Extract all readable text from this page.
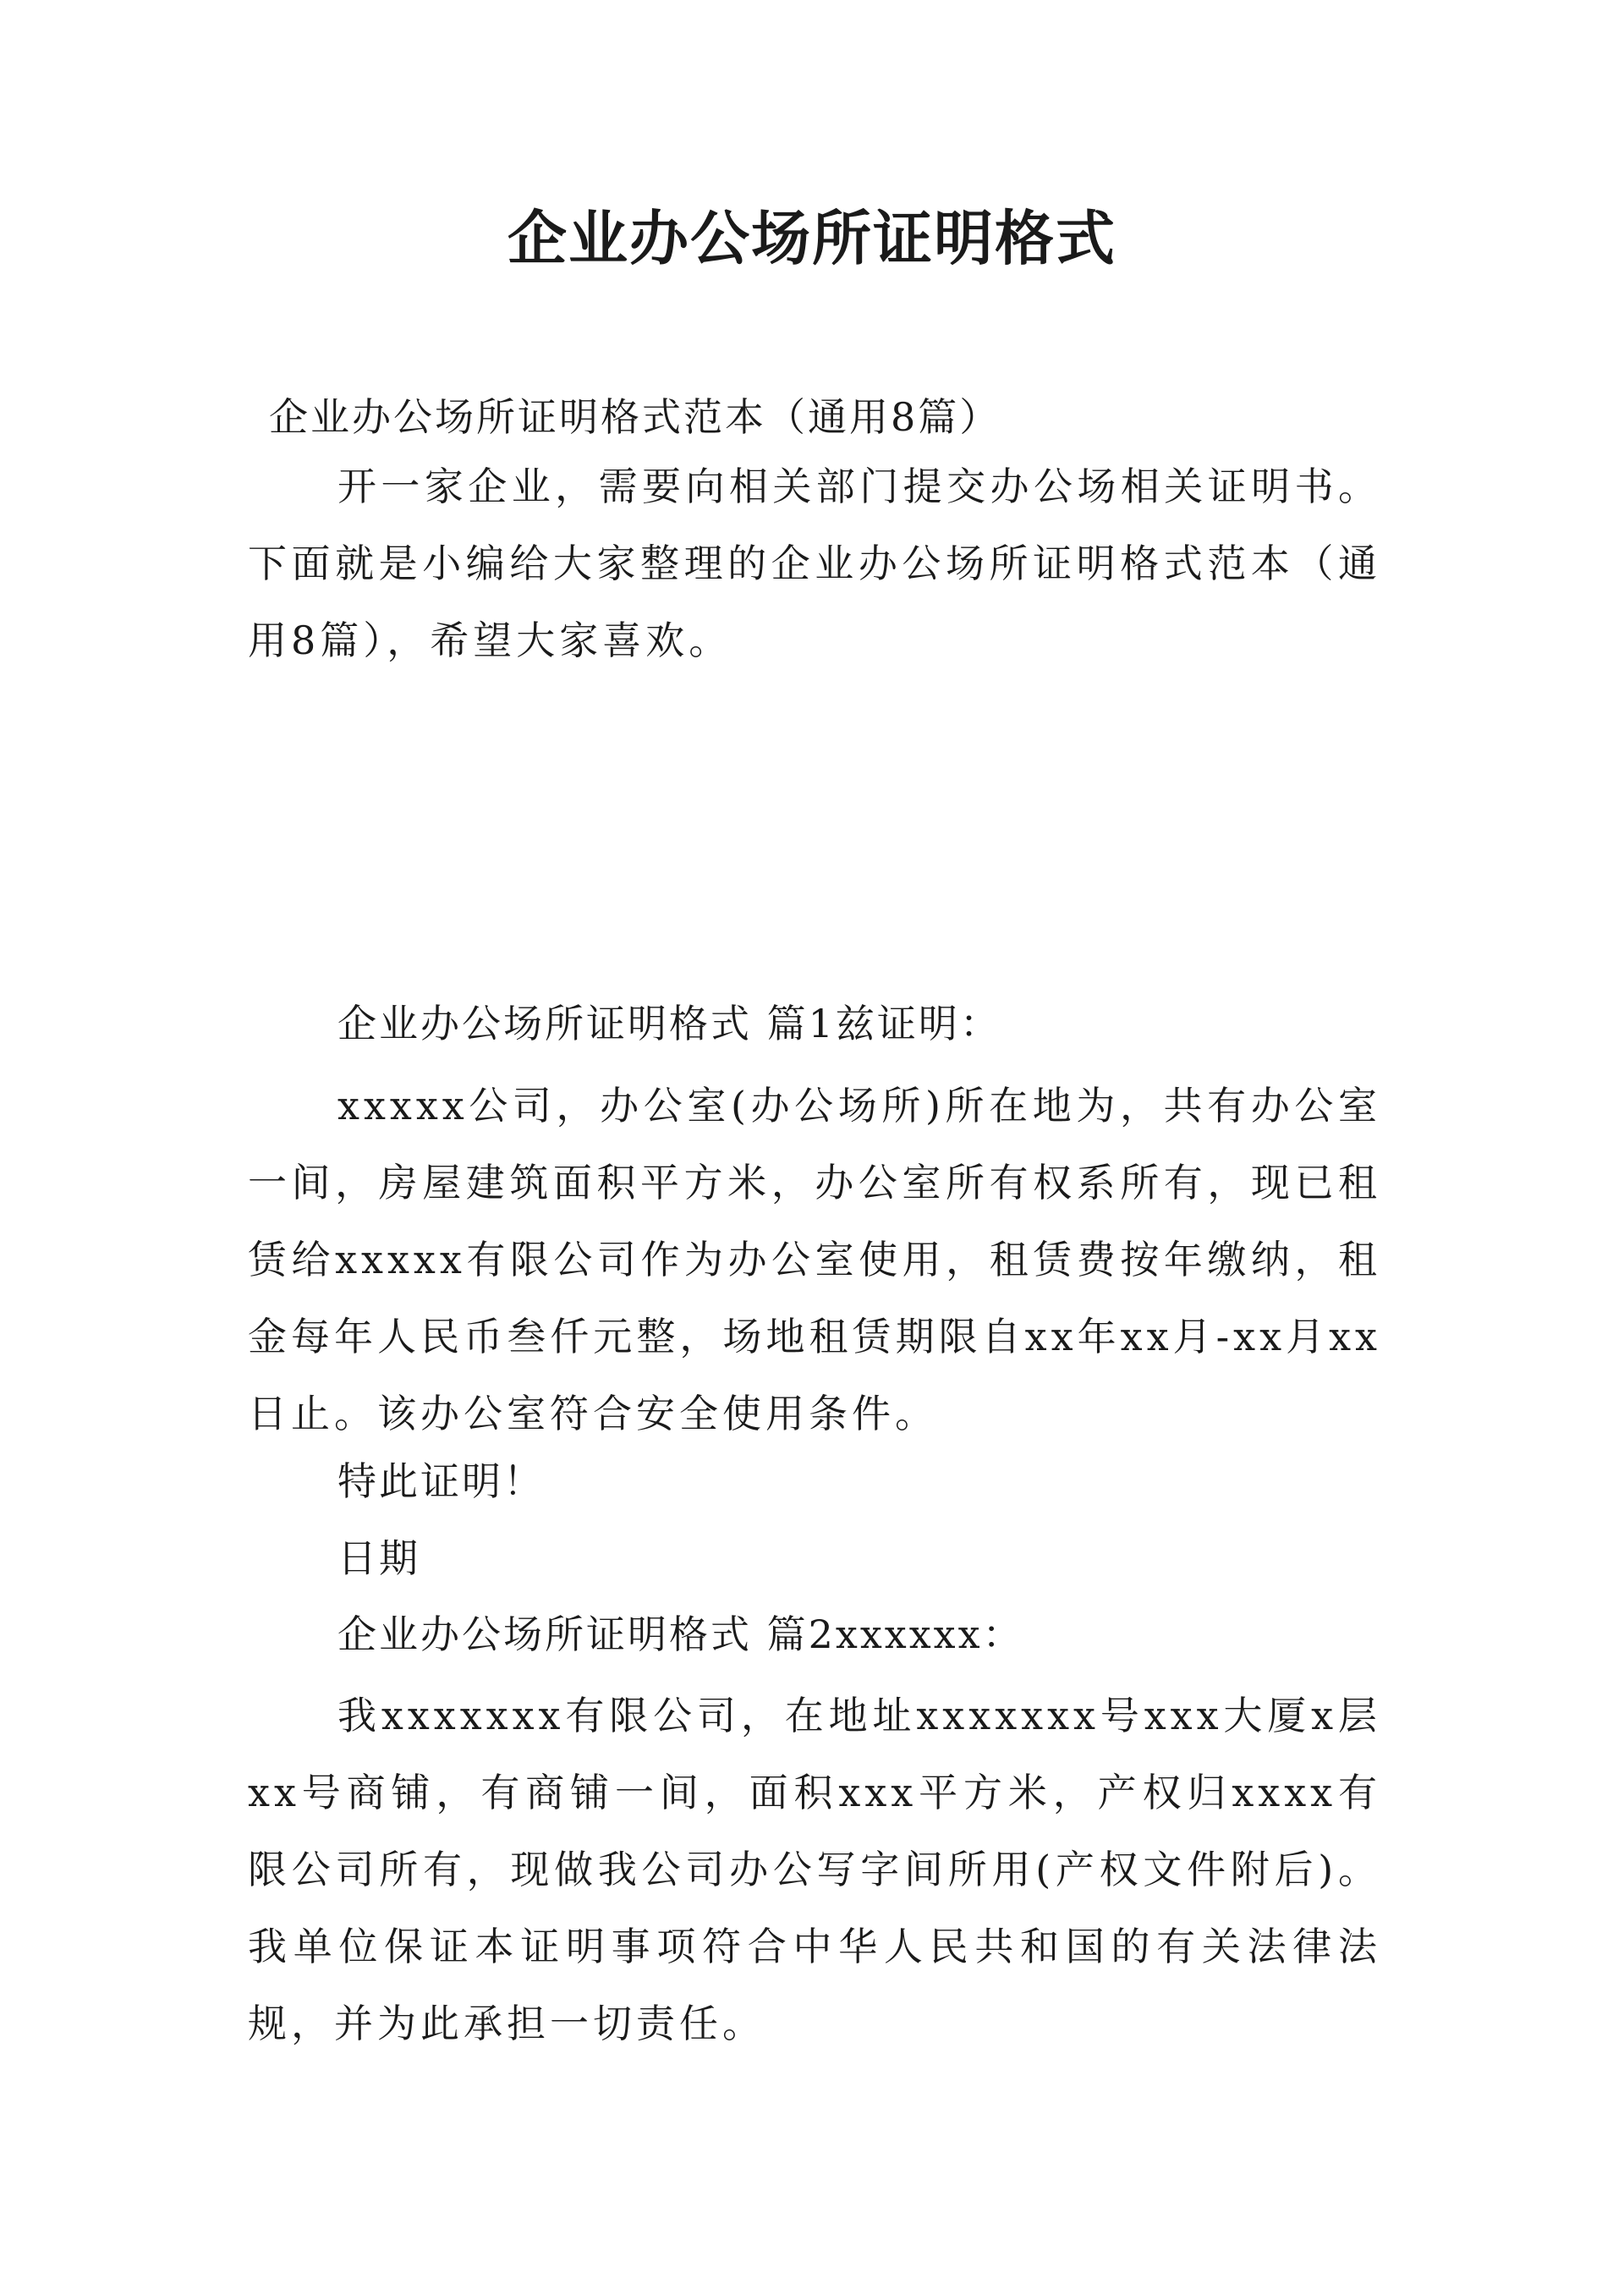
企业办公场所证明格式

企业办公场所证明格式范本（通用8篇）

开一家企业，需要向相关部门提交办公场相关证明书。下面就是小编给大家整理的企业办公场所证明格式范本（通用8篇），希望大家喜欢。

企业办公场所证明格式 篇1兹证明：

xxxxx公司，办公室(办公场所)所在地为，共有办公室一间，房屋建筑面积平方米，办公室所有权系所有，现已租赁给xxxxx有限公司作为办公室使用，租赁费按年缴纳，租金每年人民币叁仟元整，场地租赁期限自xx年xx月-xx月xx日止。该办公室符合安全使用条件。

特此证明！

日期

企业办公场所证明格式 篇2xxxxxx：

我xxxxxxx有限公司，在地址xxxxxxx号xxx大厦x层xx号商铺，有商铺一间，面积xxx平方米，产权归xxxx有限公司所有，现做我公司办公写字间所用(产权文件附后)。我单位保证本证明事项符合中华人民共和国的有关法律法规，并为此承担一切责任。
